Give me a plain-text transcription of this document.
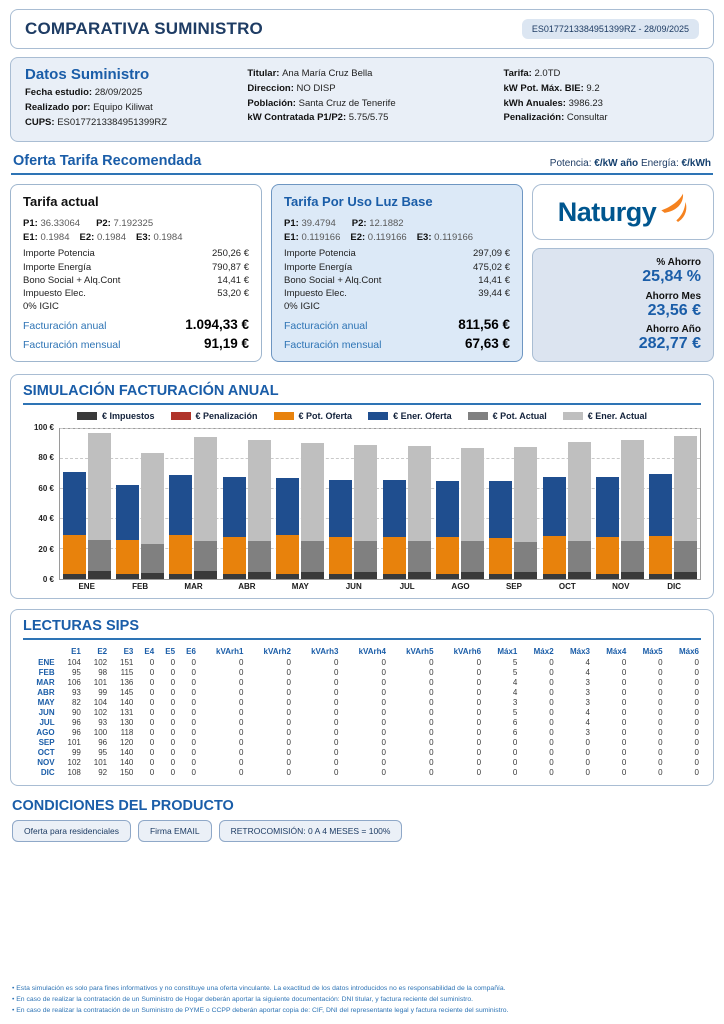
COMPARATIVA SUMINISTRO	ES0177213384951399RZ - 28/09/2025
Datos Suministro
Fecha estudio: 28/09/2025
Realizado por: Equipo Kiliwat
CUPS: ES0177213384951399RZ
Titular: Ana María Cruz Bella
Direccion: NO DISP
Población: Santa Cruz de Tenerife
kW Contratada P1/P2: 5.75/5.75
Tarifa: 2.0TD
kW Pot. Máx. BIE: 9.2
kWh Anuales: 3986.23
Penalización: Consultar
Oferta Tarifa Recomendada	Potencia: €/kW año Energía: €/kWh
Tarifa actual
P1: 36.33064 P2: 7.192325
E1: 0.1984 E2: 0.1984 E3: 0.1984
Importe Potencia	250,26 €
Importe Energía	790,87 €
Bono Social + Alq.Cont	14,41 €
Impuesto Elec.	53,20 €
0% IGIC
Facturación anual	1.094,33 €
Facturación mensual	91,19 €
Tarifa Por Uso Luz Base
P1: 39.4794 P2: 12.1882
E1: 0.119166 E2: 0.119166 E3: 0.119166
Importe Potencia	297,09 €
Importe Energía	475,02 €
Bono Social + Alq.Cont	14,41 €
Impuesto Elec.	39,44 €
0% IGIC
Facturación anual	811,56 €
Facturación mensual	67,63 €
Naturgy
% Ahorro
25,84 %
Ahorro Mes
23,56 €
Ahorro Año
282,77 €
SIMULACIÓN FACTURACIÓN ANUAL
€ Impuestos	€ Penalización	€ Pot. Oferta	€ Ener. Oferta	€ Pot. Actual	€ Ener. Actual
0 €
20 €
40 €
60 €
80 €
100 €
ENE	FEB	MAR	ABR	MAY	JUN	JUL	AGO	SEP	OCT	NOV	DIC
LECTURAS SIPS
	E1	E2	E3	E4	E5	E6	kVArh1	kVArh2	kVArh3	kVArh4	kVArh5	kVArh6	Máx1	Máx2	Máx3	Máx4	Máx5	Máx6
ENE	104	102	151	0	0	0	0	0	0	0	0	0	5	0	4	0	0	0
FEB	95	98	115	0	0	0	0	0	0	0	0	0	5	0	4	0	0	0
MAR	106	101	136	0	0	0	0	0	0	0	0	0	4	0	3	0	0	0
ABR	93	99	145	0	0	0	0	0	0	0	0	0	4	0	3	0	0	0
MAY	82	104	140	0	0	0	0	0	0	0	0	0	3	0	3	0	0	0
JUN	90	102	131	0	0	0	0	0	0	0	0	0	5	0	4	0	0	0
JUL	96	93	130	0	0	0	0	0	0	0	0	0	6	0	4	0	0	0
AGO	96	100	118	0	0	0	0	0	0	0	0	0	6	0	3	0	0	0
SEP	101	96	120	0	0	0	0	0	0	0	0	0	0	0	0	0	0	0
OCT	99	95	140	0	0	0	0	0	0	0	0	0	0	0	0	0	0	0
NOV	102	101	140	0	0	0	0	0	0	0	0	0	0	0	0	0	0	0
DIC	108	92	150	0	0	0	0	0	0	0	0	0	0	0	0	0	0	0
CONDICIONES DEL PRODUCTO
Oferta para residenciales	Firma EMAIL	RETROCOMISIÓN: 0 A 4 MESES = 100%
• Esta simulación es solo para fines informativos y no constituye una oferta vinculante. La exactitud de los datos introducidos no es responsabilidad de la compañía.
• En caso de realizar la contratación de un Suministro de Hogar deberán aportar la siguiente documentación: DNI titular, y factura reciente del suministro.
• En caso de realizar la contratación de un Suministro de PYME o CCPP deberán aportar copia de: CIF, DNI del representante legal y factura reciente del suministro.
